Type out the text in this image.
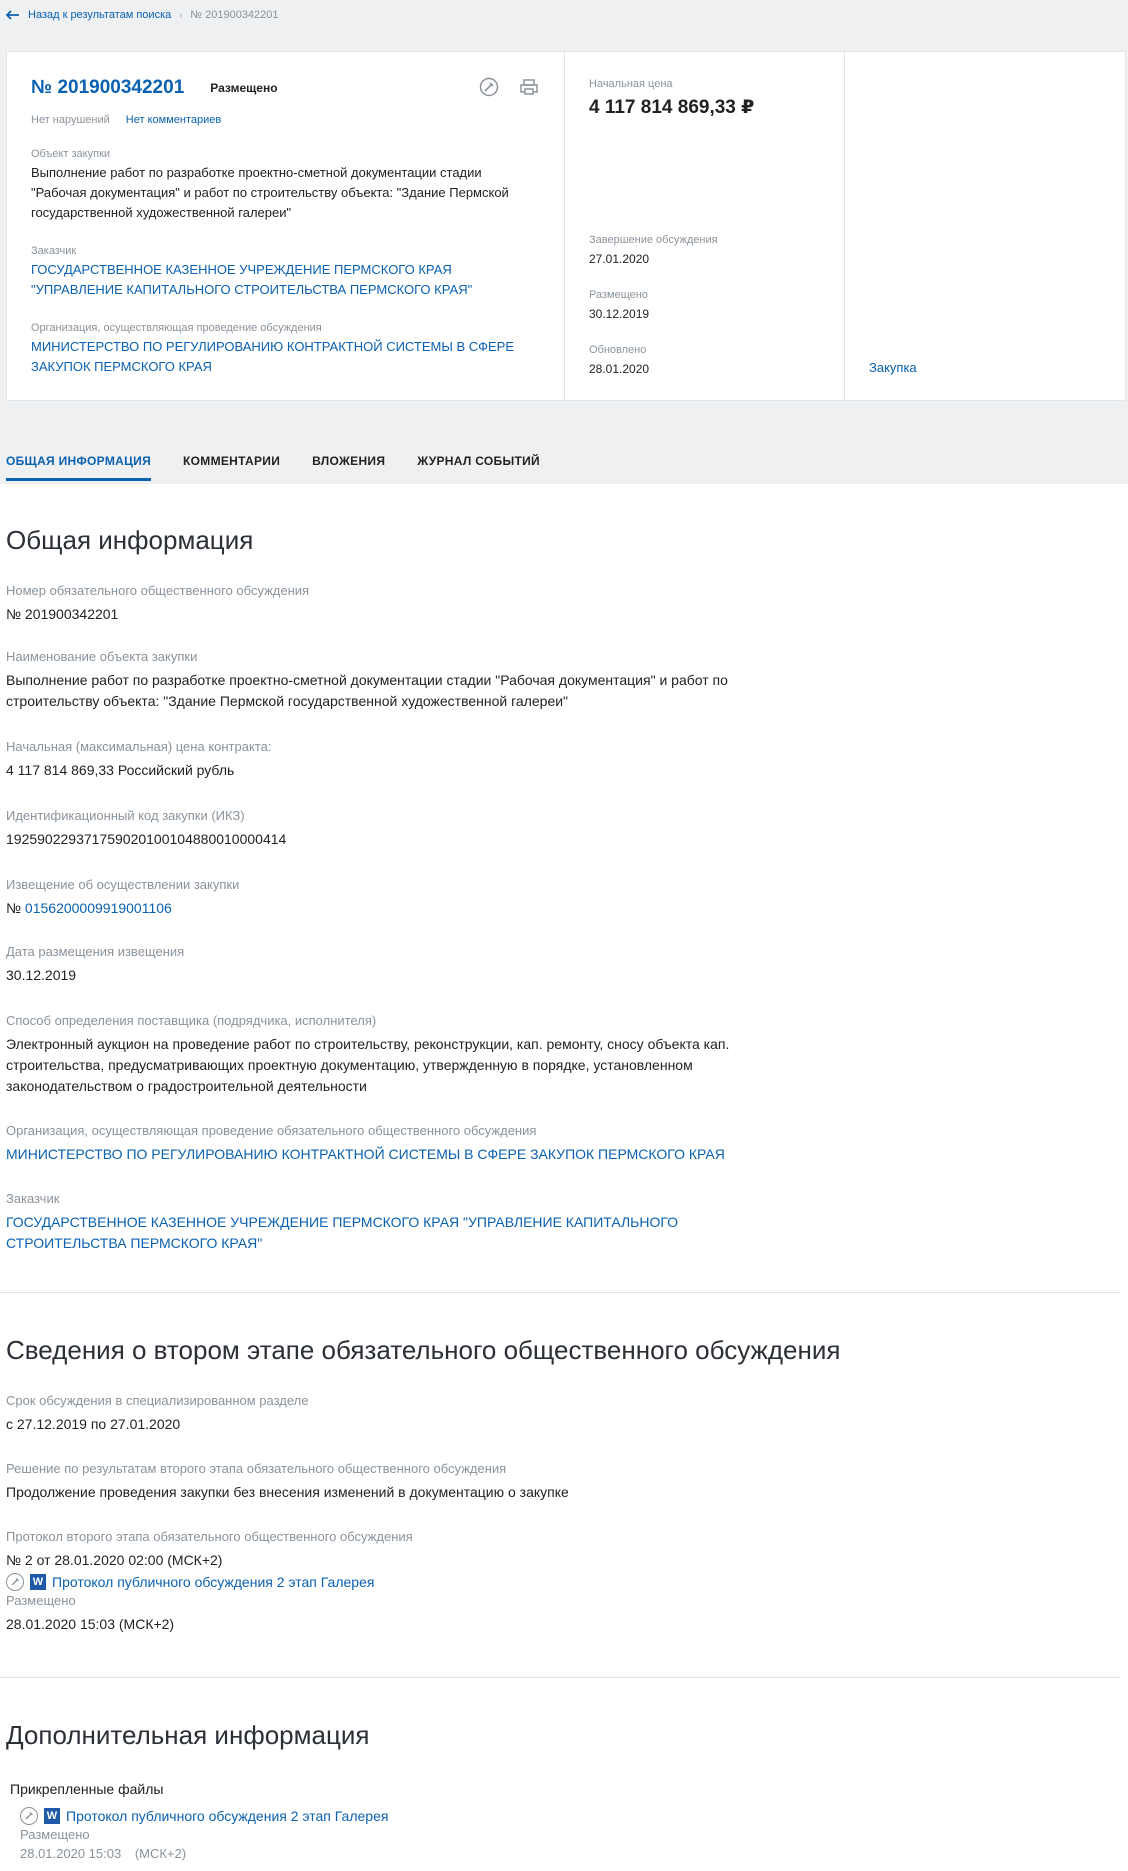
Назад к результатам поиска › № 201900342201
№ 201900342201 Размещено
Нет нарушений Нет комментариев
Объект закупки
Выполнение работ по разработке проектно-сметной документации стадии "Рабочая документация" и работ по строительству объекта: "Здание Пермской государственной художественной галереи"
Заказчик
ГОСУДАРСТВЕННОЕ КАЗЕННОЕ УЧРЕЖДЕНИЕ ПЕРМСКОГО КРАЯ "УПРАВЛЕНИЕ КАПИТАЛЬНОГО СТРОИТЕЛЬСТВА ПЕРМСКОГО КРАЯ"
Организация, осуществляющая проведение обсуждения
МИНИСТЕРСТВО ПО РЕГУЛИРОВАНИЮ КОНТРАКТНОЙ СИСТЕМЫ В СФЕРЕ ЗАКУПОК ПЕРМСКОГО КРАЯ
Начальная цена
4 117 814 869,33 ₽
Завершение обсуждения
27.01.2020
Размещено
30.12.2019
Обновлено
28.01.2020	Закупка
ОБЩАЯ ИНФОРМАЦИЯ	КОММЕНТАРИИ	ВЛОЖЕНИЯ	ЖУРНАЛ СОБЫТИЙ
Общая информация
Номер обязательного общественного обсуждения
№ 201900342201
Наименование объекта закупки
Выполнение работ по разработке проектно-сметной документации стадии "Рабочая документация" и работ по строительству объекта: "Здание Пермской государственной художественной галереи"
Начальная (максимальная) цена контракта:
4 117 814 869,33 Российский рубль
Идентификационный код закупки (ИКЗ)
192590229371759020100104880010000414
Извещение об осуществлении закупки
№ 0156200009919001106
Дата размещения извещения
30.12.2019
Способ определения поставщика (подрядчика, исполнителя)
Электронный аукцион на проведение работ по строительству, реконструкции, кап. ремонту, сносу объекта кап. строительства, предусматривающих проектную документацию, утвержденную в порядке, установленном законодательством о градостроительной деятельности
Организация, осуществляющая проведение обязательного общественного обсуждения
МИНИСТЕРСТВО ПО РЕГУЛИРОВАНИЮ КОНТРАКТНОЙ СИСТЕМЫ В СФЕРЕ ЗАКУПОК ПЕРМСКОГО КРАЯ
Заказчик
ГОСУДАРСТВЕННОЕ КАЗЕННОЕ УЧРЕЖДЕНИЕ ПЕРМСКОГО КРАЯ "УПРАВЛЕНИЕ КАПИТАЛЬНОГО СТРОИТЕЛЬСТВА ПЕРМСКОГО КРАЯ"
Сведения о втором этапе обязательного общественного обсуждения
Срок обсуждения в специализированном разделе
с 27.12.2019 по 27.01.2020
Решение по результатам второго этапа обязательного общественного обсуждения
Продолжение проведения закупки без внесения изменений в документацию о закупке
Протокол второго этапа обязательного общественного обсуждения
№ 2 от 28.01.2020 02:00 (МСК+2)
W Протокол публичного обсуждения 2 этап Галерея
Размещено
28.01.2020 15:03 (МСК+2)
Дополнительная информация
Прикрепленные файлы
W Протокол публичного обсуждения 2 этап Галерея
Размещено
28.01.2020 15:03 (МСК+2)
